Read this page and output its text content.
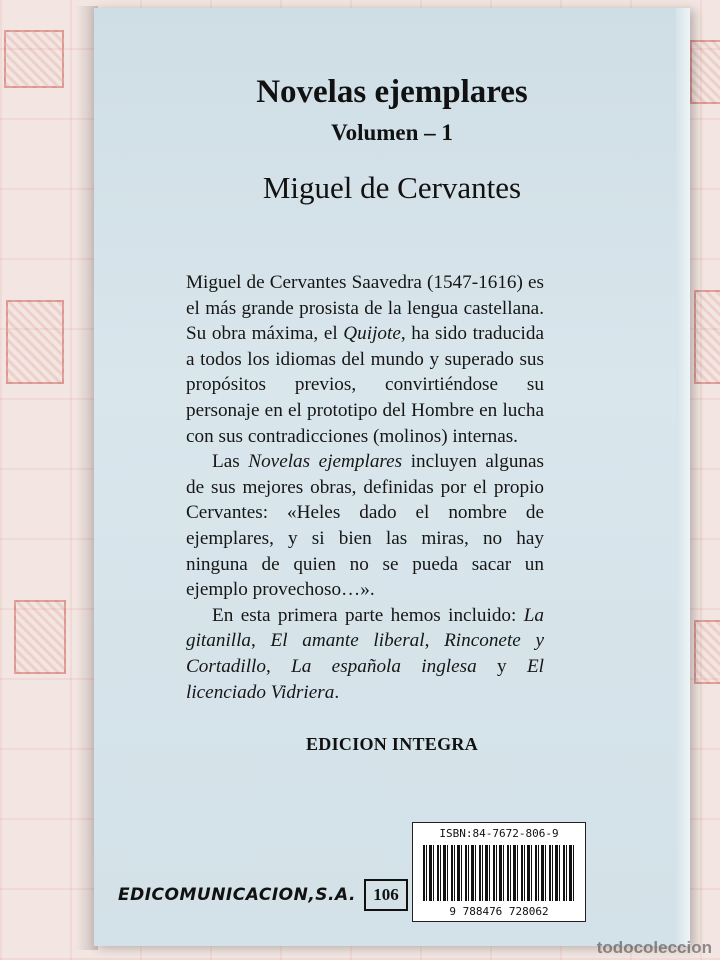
Novelas ejemplares
Volumen – 1
Miguel de Cervantes

Miguel de Cervantes Saavedra (1547-1616) es el más grande prosista de la lengua castellana. Su obra máxima, el Quijote, ha sido traducida a todos los idiomas del mundo y superado sus propósitos previos, convirtiéndose su personaje en el prototipo del Hombre en lucha con sus contradicciones (molinos) internas.

Las Novelas ejemplares incluyen algunas de sus mejores obras, definidas por el propio Cervantes: «Heles dado el nombre de ejemplares, y si bien las miras, no hay ninguna de quien no se pueda sacar un ejemplo provechoso…».

En esta primera parte hemos incluido: La gitanilla, El amante liberal, Rinconete y Cortadillo, La española inglesa y El licenciado Vidriera.

EDICION INTEGRA
EDICOMUNICACION,S.A.	106
ISBN:84-7672-806-9
9 788476 728062
todocoleccion
